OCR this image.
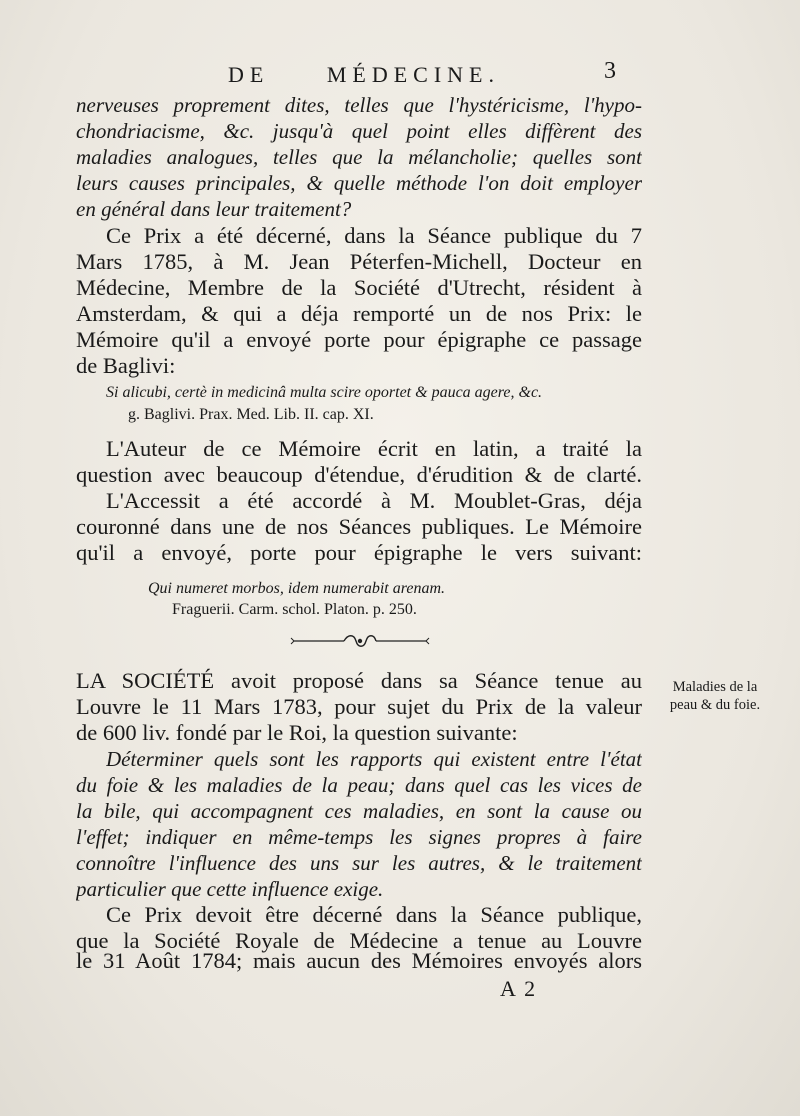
DE MÉDECINE.	3

nerveuses proprement dites, telles que l'hystéricisme, l'hypo-

chondriacisme, &c. jusqu'à quel point elles diffèrent des

maladies analogues, telles que la mélancholie; quelles sont

leurs causes principales, & quelle méthode l'on doit employer

en général dans leur traitement?

Ce Prix a été décerné, dans la Séance publique du 7

Mars 1785, à M. Jean Péterfen-Michell, Docteur en

Médecine, Membre de la Société d'Utrecht, résident à

Amsterdam, & qui a déja remporté un de nos Prix: le

Mémoire qu'il a envoyé porte pour épigraphe ce passage

de Baglivi:

Si alicubi, certè in medicinâ multa scire oportet & pauca agere, &c.

g. Baglivi. Prax. Med. Lib. II. cap. XI.

L'Auteur de ce Mémoire écrit en latin, a traité la

question avec beaucoup d'étendue, d'érudition & de clarté.

L'Accessit a été accordé à M. Moublet-Gras, déja

couronné dans une de nos Séances publiques. Le Mémoire

qu'il a envoyé, porte pour épigraphe le vers suivant:

Qui numeret morbos, idem numerabit arenam.

Fraguerii. Carm. schol. Platon. p. 250.

LA SOCIÉTÉ avoit proposé dans sa Séance tenue au

Louvre le 11 Mars 1783, pour sujet du Prix de la valeur

de 600 liv. fondé par le Roi, la question suivante:

Déterminer quels sont les rapports qui existent entre l'état

du foie & les maladies de la peau; dans quel cas les vices de

la bile, qui accompagnent ces maladies, en sont la cause ou

l'effet; indiquer en même-temps les signes propres à faire

connoître l'influence des uns sur les autres, & le traitement

particulier que cette influence exige.

Ce Prix devoit être décerné dans la Séance publique,

que la Société Royale de Médecine a tenue au Louvre

le 31 Août 1784; mais aucun des Mémoires envoyés alors

Maladies de la
peau & du foie.
A 2
